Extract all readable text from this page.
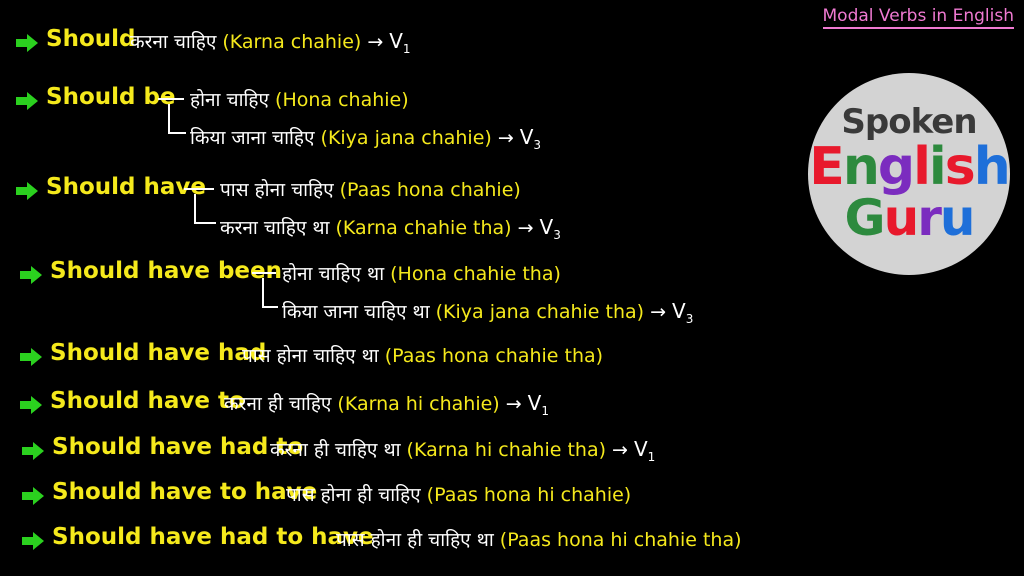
Modal Verbs in English
Spoken
English
Guru
Should
करना चाहिए (Karna chahie) → $V_1$
Should be होना चाहिए (Hona chahie)
किया जाना चाहिए (Kiya jana chahie) → $V_3$
Should have पास होना चाहिए (Paas hona chahie)
करना चाहिए था (Karna chahie $tha) \to V_3$
Should have been होना चाहिए था (Hona chahie tha)
किया जाना चाहिए था (Kiya jana chahie $tha) \to V_3$
Should have had
पास होना चाहिए था (Paas hona chahie tha)
Should have to
करना ही चाहिए (Karna hi chahie) → $V_1$
Should have had to
करना ही चाहिए था (Karna hi chahie $tha) \to V_1$
Should have to have
पास होना ही चाहिए (Paas hona hi chahie)
Should have had to have
पास होना ही चाहिए था (Paas hona hi chahie tha)
